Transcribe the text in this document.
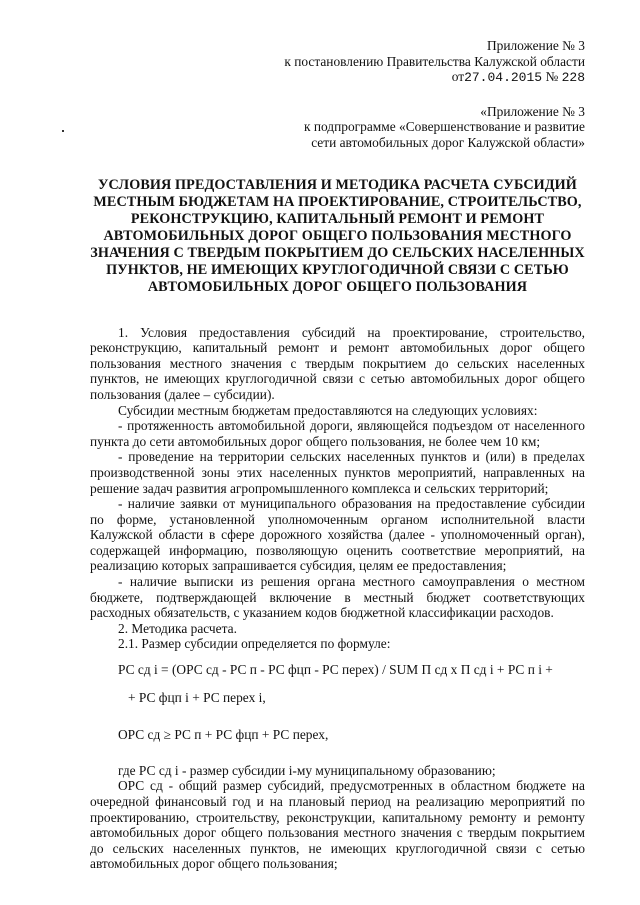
Приложение № 3
к постановлению Правительства Калужской области
от27.04.2015 № 228
«Приложение № 3
к подпрограмме «Совершенствование и развитие
сети автомобильных дорог Калужской области»
УСЛОВИЯ ПРЕДОСТАВЛЕНИЯ И МЕТОДИКА РАСЧЕТА СУБСИДИЙ
МЕСТНЫМ БЮДЖЕТАМ НА ПРОЕКТИРОВАНИЕ, СТРОИТЕЛЬСТВО,
РЕКОНСТРУКЦИЮ, КАПИТАЛЬНЫЙ РЕМОНТ И РЕМОНТ
АВТОМОБИЛЬНЫХ ДОРОГ ОБЩЕГО ПОЛЬЗОВАНИЯ МЕСТНОГО
ЗНАЧЕНИЯ С ТВЕРДЫМ ПОКРЫТИЕМ ДО СЕЛЬСКИХ НАСЕЛЕННЫХ
ПУНКТОВ, НЕ ИМЕЮЩИХ КРУГЛОГОДИЧНОЙ СВЯЗИ С СЕТЬЮ
АВТОМОБИЛЬНЫХ ДОРОГ ОБЩЕГО ПОЛЬЗОВАНИЯ

1. Условия предоставления субсидий на проектирование, строительство, реконструкцию, капитальный ремонт и ремонт автомобильных дорог общего пользования местного значения с твердым покрытием до сельских населенных пунктов, не имеющих круглогодичной связи с сетью автомобильных дорог общего пользования (далее – субсидии).

Субсидии местным бюджетам предоставляются на следующих условиях:

- протяженность автомобильной дороги, являющейся подъездом от населенного пункта до сети автомобильных дорог общего пользования, не более чем 10 км;

- проведение на территории сельских населенных пунктов и (или) в пределах производственной зоны этих населенных пунктов мероприятий, направленных на решение задач развития агропромышленного комплекса и сельских территорий;

- наличие заявки от муниципального образования на предоставление субсидии по форме, установленной уполномоченным органом исполнительной власти Калужской области в сфере дорожного хозяйства (далее - уполномоченный орган), содержащей информацию, позволяющую оценить соответствие мероприятий, на реализацию которых запрашивается субсидия, целям ее предоставления;

- наличие выписки из решения органа местного самоуправления о местном бюджете, подтверждающей включение в местный бюджет соответствующих расходных обязательств, с указанием кодов бюджетной классификации расходов.

2. Методика расчета.

2.1. Размер субсидии определяется по формуле:

РС сд i = (ОРС сд - РС п - РС фцп - РС перех) / SUM П сд х П сд i + РС п i +
+ РС фцп i + РС перех i,
ОРС сд ≥ РС п + РС фцп + РС перех,

где РС сд i - размер субсидии i-му муниципальному образованию;

ОРС сд - общий размер субсидий, предусмотренных в областном бюджете на очередной финансовый год и на плановый период на реализацию мероприятий по проектированию, строительству, реконструкции, капитальному ремонту и ремонту автомобильных дорог общего пользования местного значения с твердым покрытием до сельских населенных пунктов, не имеющих круглогодичной связи с сетью автомобильных дорог общего пользования;
